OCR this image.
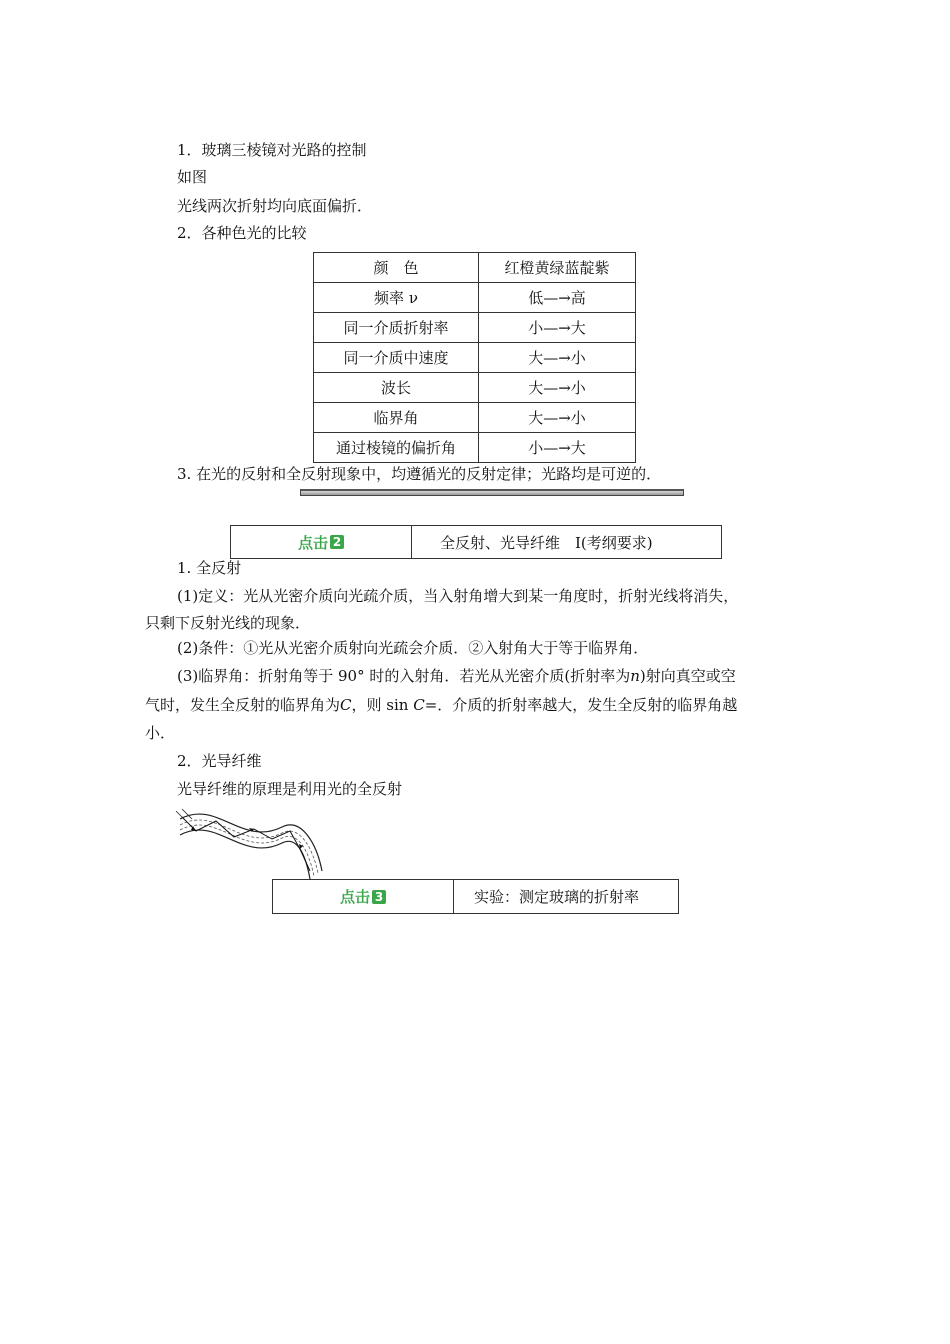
1．玻璃三棱镜对光路的控制
如图
光线两次折射均向底面偏折．
2．各种色光的比较
颜　色	红橙黄绿蓝靛紫
频率 ν	低—→高
同一介质折射率	小—→大
同一介质中速度	大—→小
波长	大—→小
临界角	大—→小
通过棱镜的偏折角	小—→大
3. 在光的反射和全反射现象中，均遵循光的反射定律；光路均是可逆的．
点击 2	全反射、光导纤维　Ⅰ(考纲要求)
1. 全反射
(1)定义：光从光密介质向光疏介质，当入射角增大到某一角度时，折射光线将消失，
只剩下反射光线的现象．
(2)条件：①光从光密介质射向光疏会介质．②入射角大于等于临界角．
(3)临界角：折射角等于 90° 时的入射角．若光从光密介质(折射率为n)射向真空或空
气时，发生全反射的临界角为C，则 sin C=．介质的折射率越大，发生全反射的临界角越
小．
2．光导纤维
光导纤维的原理是利用光的全反射
点击 3	实验：测定玻璃的折射率
